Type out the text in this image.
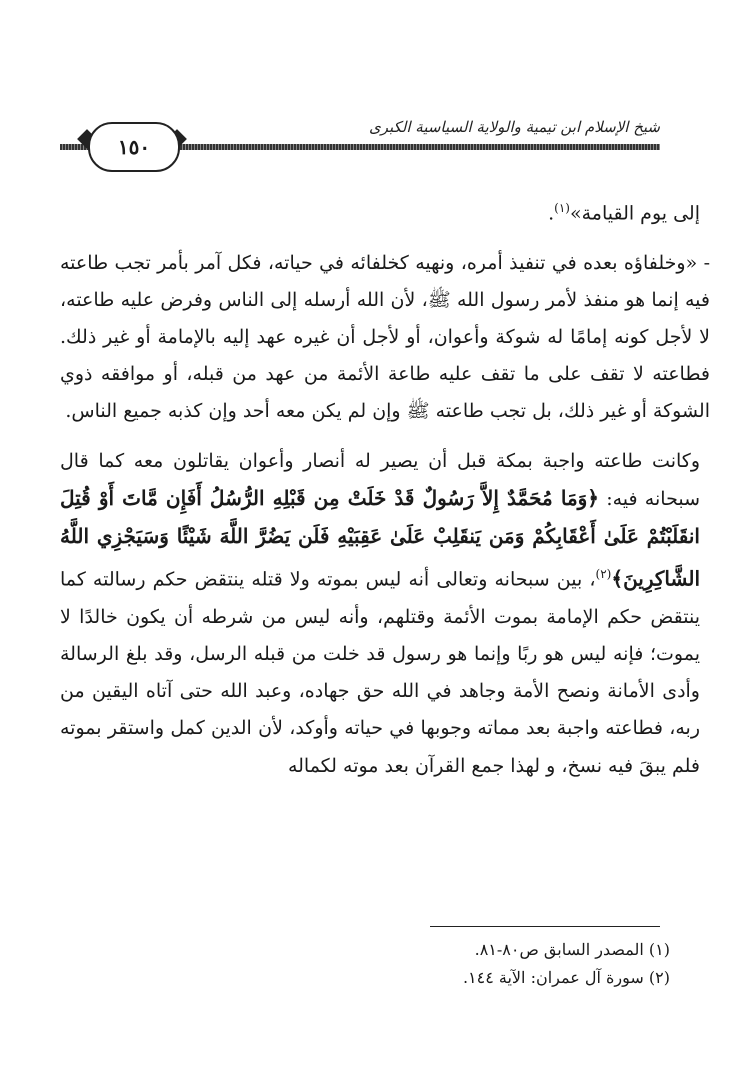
شيخ الإسلام ابن تيمية والولاية السياسية الكبرى
١٥٠

إلى يوم القيامة»$^{(١)}$.

- «وخلفاؤه بعده في تنفيذ أمره، ونهيه كخلفائه في حياته، فكل آمر بأمر تجب طاعته فيه إنما هو منفذ لأمر رسول الله ﷺ، لأن الله أرسله إلى الناس وفرض عليه طاعته، لا لأجل كونه إمامًا له شوكة وأعوان، أو لأجل أن غيره عهد إليه بالإمامة أو غير ذلك. فطاعته لا تقف على ما تقف عليه طاعة الأئمة من عهد من قبله، أو موافقه ذوي الشوكة أو غير ذلك، بل تجب طاعته ﷺ وإن لم يكن معه أحد وإن كذبه جميع الناس.

وكانت طاعته واجبة بمكة قبل أن يصير له أنصار وأعوان يقاتلون معه كما قال سبحانه فيه: ﴿وَمَا مُحَمَّدٌ إِلاَّ رَسُولٌ قَدْ خَلَتْ مِن قَبْلِهِ الرُّسُلُ أَفَإِن مَّاتَ أَوْ قُتِلَ انقَلَبْتُمْ عَلَىٰ أَعْقَابِكُمْ وَمَن يَنقَلِبْ عَلَىٰ عَقِبَيْهِ فَلَن يَضُرَّ اللَّهَ شَيْئًا وَسَيَجْزِي اللَّهُ الشَّاكِرِينَ﴾$^{(٢)}$، بين سبحانه وتعالى أنه ليس بموته ولا قتله ينتقض حكم رسالته كما ينتقض حكم الإمامة بموت الأئمة وقتلهم، وأنه ليس من شرطه أن يكون خالدًا لا يموت؛ فإنه ليس هو ربًا وإنما هو رسول قد خلت من قبله الرسل، وقد بلغ الرسالة وأدى الأمانة ونصح الأمة وجاهد في الله حق جهاده، وعبد الله حتى آتاه اليقين من ربه، فطاعته واجبة بعد مماته وجوبها في حياته وأوكد، لأن الدين كمل واستقر بموته فلم يبقَ فيه نسخ، و لهذا جمع القرآن بعد موته لكماله

(١) المصدر السابق ص٨٠-٨١.

(٢) سورة آل عمران: الآية ١٤٤.
